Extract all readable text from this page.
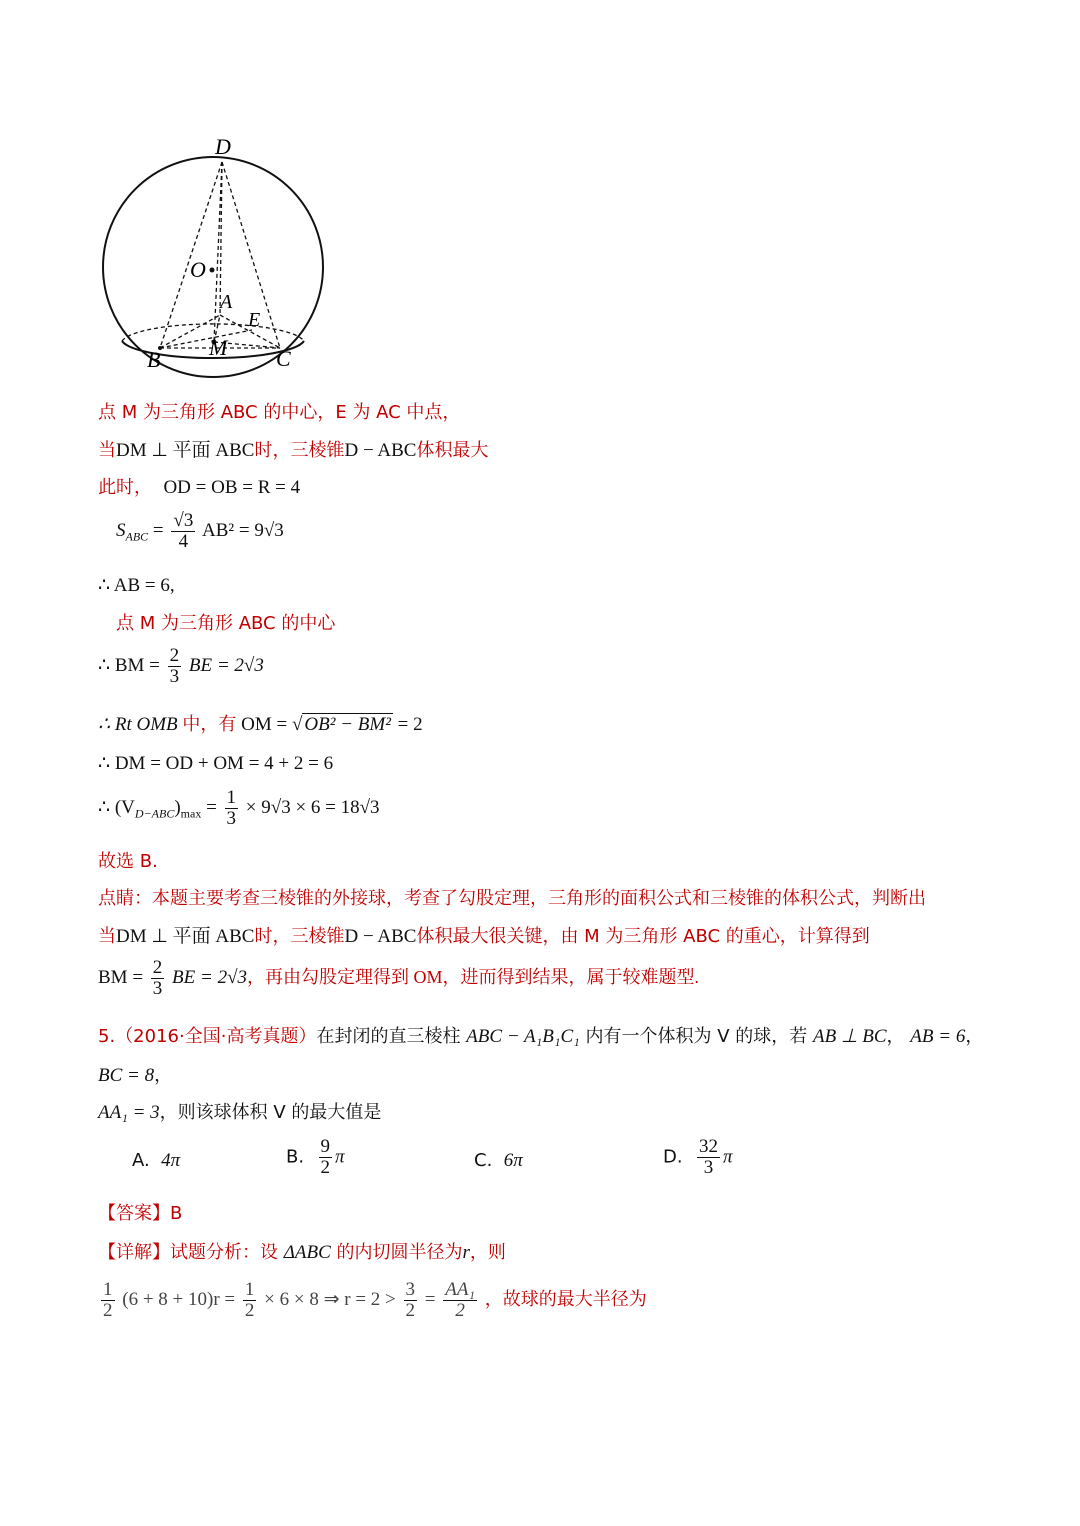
D
O
A
E
B M C
点 M 为三角形 ABC 的中心，E 为 AC 中点，
当DM ⊥ 平面 ABC时，三棱锥D − ABC体积最大
此时， OD = OB = R = 4
$S_{ABC} = \frac{√3}{4} AB^2 = 9√3$
∴ AB = 6,
点 M 为三角形 ABC 的中心
∴ BM = $\frac{2}{3}$ BE = 2√3
∴ Rt OMB 中，有 OM = √ OB² − BM² = 2
∴ DM = OD + OM = 4 + 2 = 6
∴ $(V_{D-ABC})_{max} = \frac{1}{3} \times 9√3 \times 6 = 18√3$
故选 B.
点睛：本题主要考查三棱锥的外接球，考查了勾股定理，三角形的面积公式和三棱锥的体积公式，判断出
当DM ⊥ 平面 ABC时，三棱锥D − ABC体积最大很关键，由 M 为三角形 ABC 的重心，计算得到
BM = $\frac{2}{3}$ BE = 2√3，再由勾股定理得到 OM，进而得到结果，属于较难题型.
5.（2016·全国·高考真题）在封闭的直三棱柱 ABC − A₁B₁C₁ 内有一个体积为 V 的球，若 AB ⊥ BC， AB = 6，
BC = 8，
AA₁ = 3，则该球体积 V 的最大值是
A. 4π	B. $\frac{9}{2}$ π	C. 6π	D. $\frac{32}{3}$ π
【答案】B
【详解】试题分析：设 ΔABC 的内切圆半径为r，则
$\frac{1}{2} (6 + 8 + 10)r = \frac{1}{2} \times 6 \times 8$ ⇒ $r = 2 > \frac{3}{2} = \frac{\text{AA₁}}{2}$ ，故球的最大半径为
